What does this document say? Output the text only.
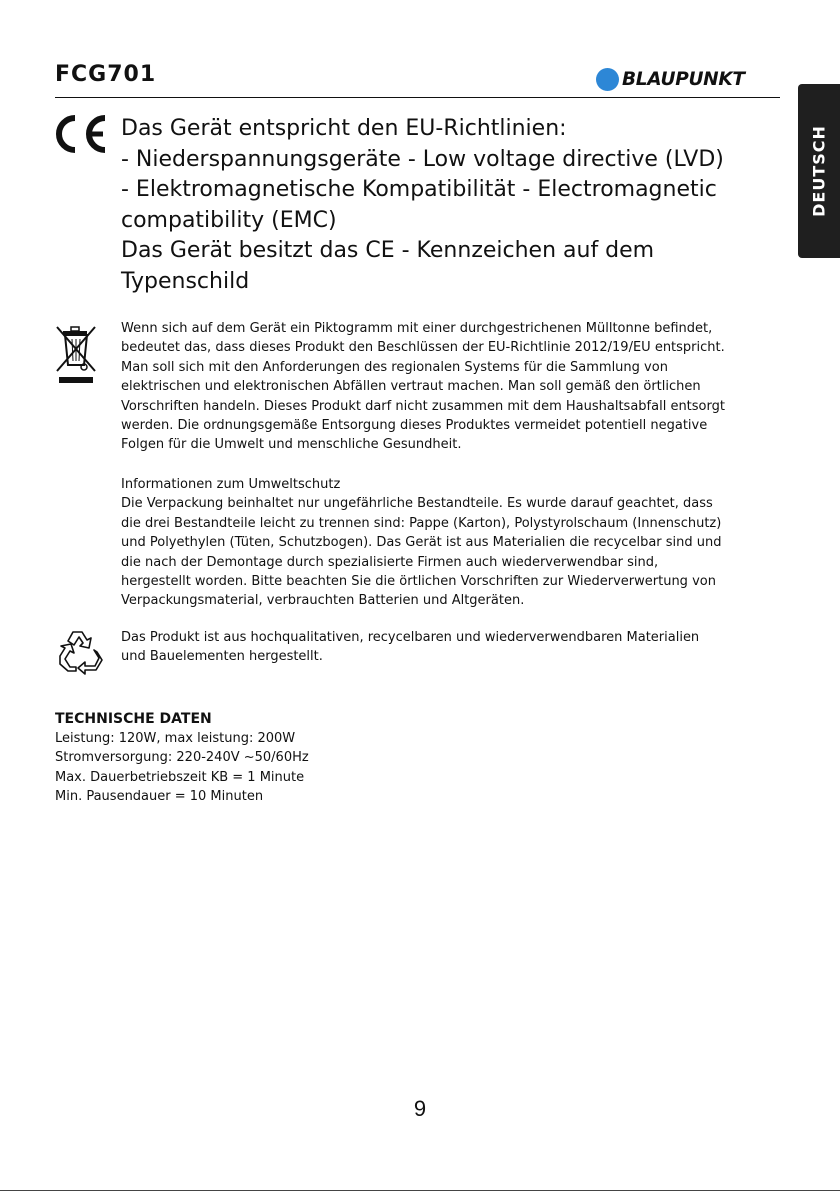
FCG701	BLAUPUNKT
DEUTSCH
Das Gerät entspricht den EU-Richtlinien:
- Niederspannungsgeräte - Low voltage directive (LVD)
- Elektromagnetische Kompatibilität - Electromagnetic
compatibility (EMC)
Das Gerät besitzt das CE - Kennzeichen auf dem
Typenschild
Wenn sich auf dem Gerät ein Piktogramm mit einer durchgestrichenen Mülltonne befindet,
bedeutet das, dass dieses Produkt den Beschlüssen der EU-Richtlinie 2012/19/EU entspricht.
Man soll sich mit den Anforderungen des regionalen Systems für die Sammlung von
elektrischen und elektronischen Abfällen vertraut machen. Man soll gemäß den örtlichen
Vorschriften handeln. Dieses Produkt darf nicht zusammen mit dem Haushaltsabfall entsorgt
werden. Die ordnungsgemäße Entsorgung dieses Produktes vermeidet potentiell negative
Folgen für die Umwelt und menschliche Gesundheit.
Informationen zum Umweltschutz
Die Verpackung beinhaltet nur ungefährliche Bestandteile. Es wurde darauf geachtet, dass
die drei Bestandteile leicht zu trennen sind: Pappe (Karton), Polystyrolschaum (Innenschutz)
und Polyethylen (Tüten, Schutzbogen). Das Gerät ist aus Materialien die recycelbar sind und
die nach der Demontage durch spezialisierte Firmen auch wiederverwendbar sind,
hergestellt worden. Bitte beachten Sie die örtlichen Vorschriften zur Wiederverwertung von
Verpackungsmaterial, verbrauchten Batterien und Altgeräten.
Das Produkt ist aus hochqualitativen, recycelbaren und wiederverwendbaren Materialien
und Bauelementen hergestellt.
TECHNISCHE DATEN
Leistung: 120W, max leistung: 200W
Stromversorgung: 220-240V ~50/60Hz
Max. Dauerbetriebszeit KB = 1 Minute
Min. Pausendauer = 10 Minuten
9
